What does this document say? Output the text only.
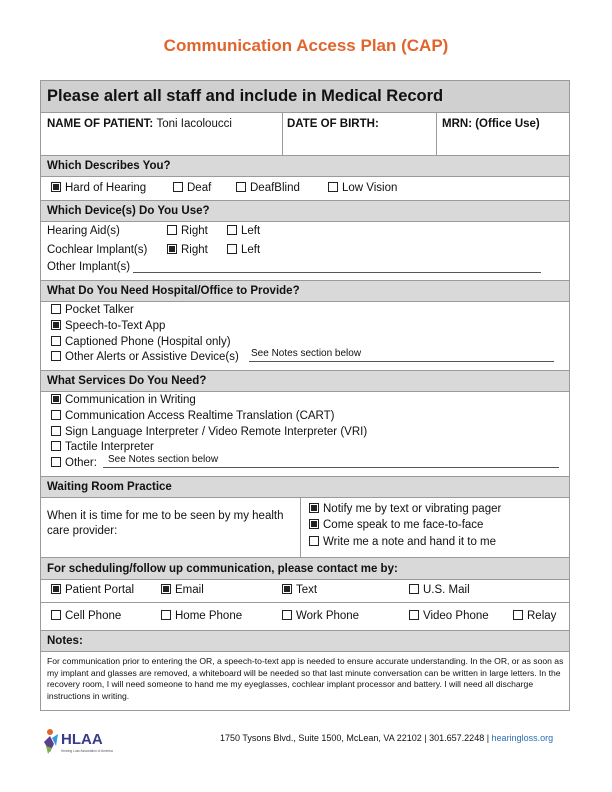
Communication Access Plan (CAP)
Please alert all staff and include in Medical Record
NAME OF PATIENT: Toni Iacoloucci	DATE OF BIRTH:	MRN: (Office Use)
Which Describes You?
Hard of Hearing	Deaf	DeafBlind	Low Vision
Which Device(s) Do You Use?
Hearing Aid(s)	Right	Left
Cochlear Implant(s)	Right	Left
Other Implant(s)
What Do You Need Hospital/Office to Provide?
Pocket Talker
Speech-to-Text App
Captioned Phone (Hospital only)
Other Alerts or Assistive Device(s) See Notes section below
What Services Do You Need?
Communication in Writing
Communication Access Realtime Translation (CART)
Sign Language Interpreter / Video Remote Interpreter (VRI)
Tactile Interpreter
Other: See Notes section below
Waiting Room Practice
When it is time for me to be seen by my health
care provider:
Notify me by text or vibrating pager
Come speak to me face-to-face
Write me a note and hand it to me
For scheduling/follow up communication, please contact me by:
Patient Portal	Email	Text	U.S. Mail
Cell Phone	Home Phone	Work Phone	Video Phone	Relay
Notes:
For communication prior to entering the OR, a speech-to-text app is needed to ensure accurate understanding. In the OR, or as soon as my implant and glasses are removed, a whiteboard will be needed so that last minute conversation can be written in large letters. In the recovery room, I will need someone to hand me my eyeglasses, cochlear implant processor and battery. I will need all discharge instructions in writing.
HLAA
Hearing Loss Association of America
1750 Tysons Blvd., Suite 1500, McLean, VA 22102 | 301.657.2248 | hearingloss.org
